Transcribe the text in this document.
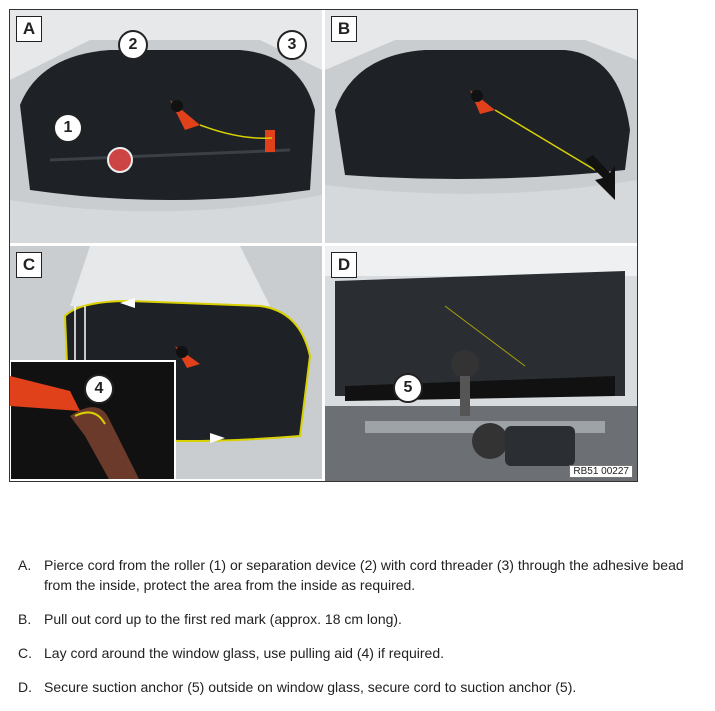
A
1
2	3
B
C
4
D
5
RB51 00227
A. Pierce cord from the roller (1) or separation device (2) with cord threader (3) through the adhesive bead from the inside, protect the area from the inside as required.
B. Pull out cord up to the first red mark (approx. 18 cm long).
C. Lay cord around the window glass, use pulling aid (4) if required.
D. Secure suction anchor (5) outside on window glass, secure cord to suction anchor (5).
